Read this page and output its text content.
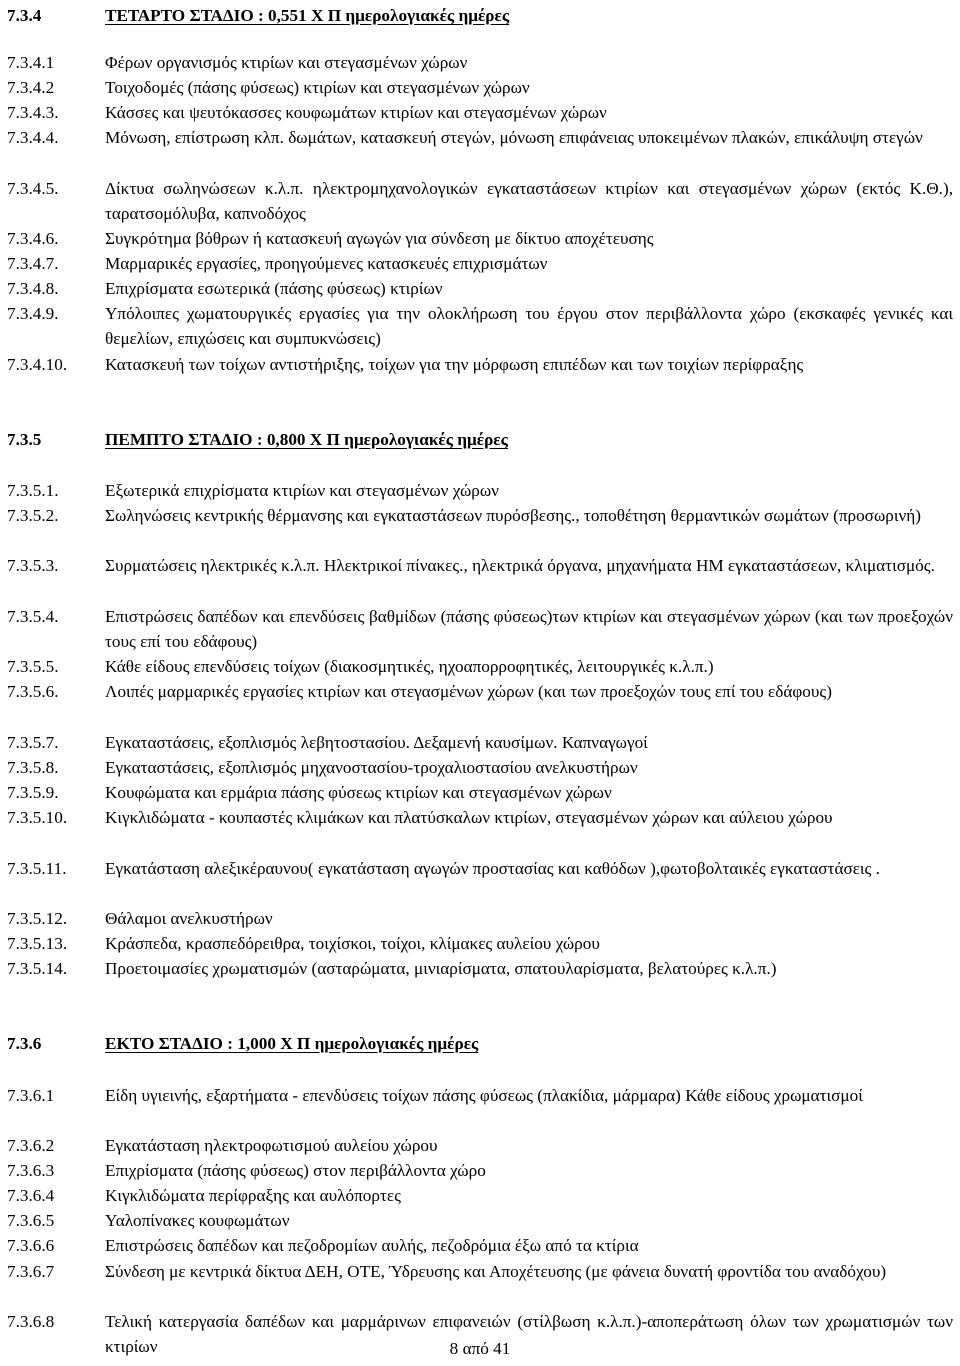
7.3.4	ΤΕΤΑΡΤΟ ΣΤΑΔΙΟ : 0,551 Χ Π ημερολογιακές ημέρες
7.3.4.1	Φέρων οργανισμός κτιρίων και στεγασμένων χώρων
7.3.4.2	Τοιχοδομές (πάσης φύσεως) κτιρίων και στεγασμένων χώρων
7.3.4.3.	Κάσσες και ψευτόκασσες κουφωμάτων κτιρίων και στεγασμένων χώρων
7.3.4.4.	Μόνωση, επίστρωση κλπ. δωμάτων, κατασκευή στεγών, μόνωση επιφάνειας υποκειμένων πλακών, επικάλυψη στεγών
7.3.4.5.	Δίκτυα σωληνώσεων κ.λ.π. ηλεκτρομηχανολογικών εγκαταστάσεων κτιρίων και στεγασμένων χώρων (εκτός Κ.Θ.), ταρατσομόλυβα, καπνοδόχος
7.3.4.6.	Συγκρότημα βόθρων ή κατασκευή αγωγών για σύνδεση με δίκτυο αποχέτευσης
7.3.4.7.	Μαρμαρικές εργασίες, προηγούμενες κατασκευές επιχρισμάτων
7.3.4.8.	Επιχρίσματα εσωτερικά (πάσης φύσεως) κτιρίων
7.3.4.9.	Υπόλοιπες χωματουργικές εργασίες για την ολοκλήρωση του έργου στον περιβάλλοντα χώρο (εκσκαφές γενικές και θεμελίων, επιχώσεις και συμπυκνώσεις)
7.3.4.10. Κατασκευή των τοίχων αντιστήριξης, τοίχων για την μόρφωση επιπέδων και των τοιχίων περίφραξης
7.3.5	ΠΕΜΠΤΟ ΣΤΑΔΙΟ : 0,800 Χ Π ημερολογιακές ημέρες
7.3.5.1.	Εξωτερικά επιχρίσματα κτιρίων και στεγασμένων χώρων
7.3.5.2.	Σωληνώσεις κεντρικής θέρμανσης και εγκαταστάσεων πυρόσβεσης., τοποθέτηση θερμαντικών σωμάτων (προσωρινή)
7.3.5.3.	Συρματώσεις ηλεκτρικές κ.λ.π. Ηλεκτρικοί πίνακες., ηλεκτρικά όργανα, μηχανήματα ΗΜ εγκαταστάσεων, κλιματισμός.
7.3.5.4.	Επιστρώσεις δαπέδων και επενδύσεις βαθμίδων (πάσης φύσεως)των κτιρίων και στεγασμένων χώρων (και των προεξοχών τους επί του εδάφους)
7.3.5.5.	Κάθε είδους επενδύσεις τοίχων (διακοσμητικές, ηχοαπορροφητικές, λειτουργικές κ.λ.π.)
7.3.5.6.	Λοιπές μαρμαρικές εργασίες κτιρίων και στεγασμένων χώρων (και των προεξοχών τους επί του εδάφους)
7.3.5.7.	Εγκαταστάσεις, εξοπλισμός λεβητοστασίου. Δεξαμενή καυσίμων. Καπναγωγοί
7.3.5.8.	Εγκαταστάσεις, εξοπλισμός μηχανοστασίου-τροχαλιοστασίου ανελκυστήρων
7.3.5.9.	Κουφώματα και ερμάρια πάσης φύσεως κτιρίων και στεγασμένων χώρων
7.3.5.10. Κιγκλιδώματα - κουπαστές κλιμάκων και πλατύσκαλων κτιρίων, στεγασμένων χώρων και αύλειου χώρου
7.3.5.11. Εγκατάσταση αλεξικέραυνου( εγκατάσταση αγωγών προστασίας και καθόδων ),φωτοβολταικές εγκαταστάσεις .
7.3.5.12. Θάλαμοι ανελκυστήρων
7.3.5.13. Κράσπεδα, κρασπεδόρειθρα, τοιχίσκοι, τοίχοι, κλίμακες αυλείου χώρου
7.3.5.14. Προετοιμασίες χρωματισμών (ασταρώματα, μινιαρίσματα, σπατουλαρίσματα, βελατούρες κ.λ.π.)
7.3.6	ΕΚΤΟ ΣΤΑΔΙΟ : 1,000 Χ Π ημερολογιακές ημέρες
7.3.6.1	Είδη υγιεινής, εξαρτήματα - επενδύσεις τοίχων πάσης φύσεως (πλακίδια, μάρμαρα) Κάθε είδους χρωματισμοί
7.3.6.2	Εγκατάσταση ηλεκτροφωτισμού αυλείου χώρου
7.3.6.3	Επιχρίσματα (πάσης φύσεως) στον περιβάλλοντα χώρο
7.3.6.4	Κιγκλιδώματα περίφραξης και αυλόπορτες
7.3.6.5	Υαλοπίνακες κουφωμάτων
7.3.6.6	Επιστρώσεις δαπέδων και πεζοδρομίων αυλής, πεζοδρόμια έξω από τα κτίρια
7.3.6.7	Σύνδεση με κεντρικά δίκτυα ΔΕΗ, ΟΤΕ, Ύδρευσης και Αποχέτευσης (με φάνεια δυνατή φροντίδα του αναδόχου)
7.3.6.8	Τελική κατεργασία δαπέδων και μαρμάρινων επιφανειών (στίλβωση κ.λ.π.)-αποπεράτωση όλων των χρωματισμών των κτιρίων	8 από 41
